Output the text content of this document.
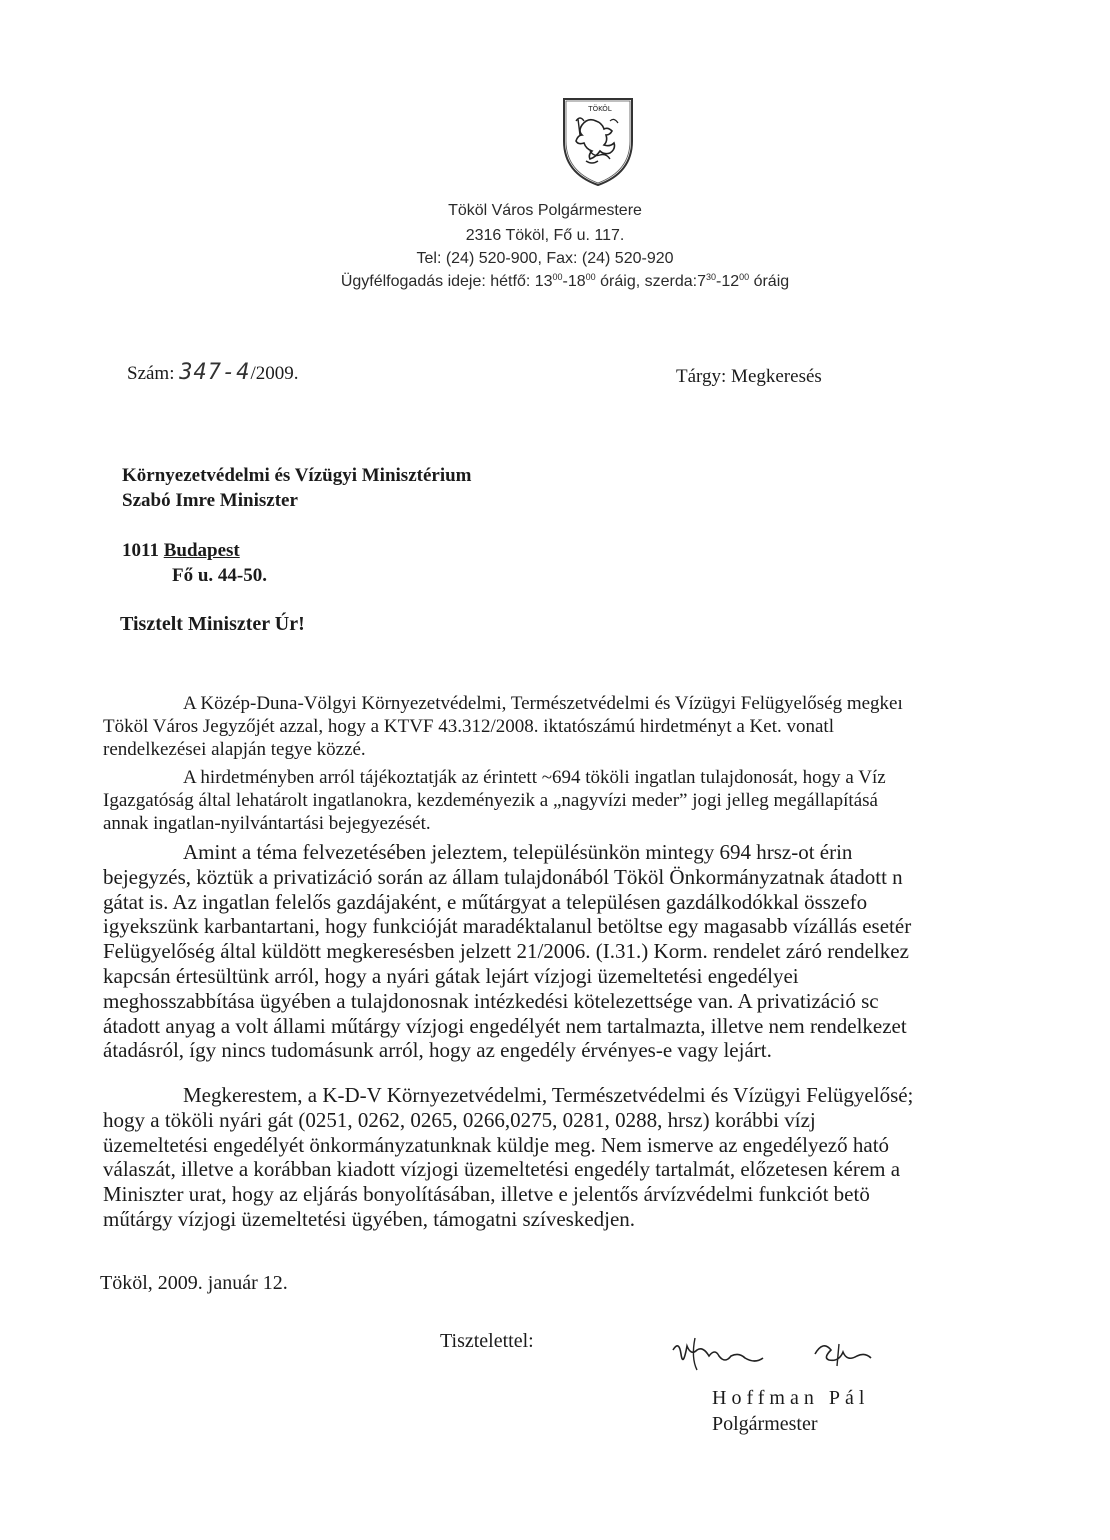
TÖKÖL
Tököl Város Polgármestere
2316 Tököl, Fő u. 117.
Tel: (24) 520-900, Fax: (24) 520-920
Ügyfélfogadás ideje: hétfő: $13^{00}-18^{00}$ óráig, $szerda:7^{30}-12^{00}$ óráig
Szám: 347-4/2009.	Tárgy: Megkeresés
Környezetvédelmi és Vízügyi Minisztérium
Szabó Imre Miniszter
1011 Budapest
Fő u. 44-50.
Tisztelt Miniszter Úr!
A Közép-Duna-Völgyi Környezetvédelmi, Természetvédelmi és Vízügyi Felügyelőség megkeı
Tököl Város Jegyzőjét azzal, hogy a KTVF 43.312/2008. iktatószámú hirdetményt a Ket. vonatl
rendelkezései alapján tegye közzé.
A hirdetményben arról tájékoztatják az érintett ~694 tököli ingatlan tulajdonosát, hogy a Víz
Igazgatóság által lehatárolt ingatlanokra, kezdeményezik a „nagyvízi meder” jogi jelleg megállapításá
annak ingatlan-nyilvántartási bejegyezését.
Amint a téma felvezetésében jeleztem, településünkön mintegy 694 hrsz-ot érin
bejegyzés, köztük a privatizáció során az állam tulajdonából Tököl Önkormányzatnak átadott n
gátat is. Az ingatlan felelős gazdájaként, e műtárgyat a településen gazdálkodókkal összefo
igyekszünk karbantartani, hogy funkcióját maradéktalanul betöltse egy magasabb vízállás esetér
Felügyelőség által küldött megkeresésben jelzett 21/2006. (I.31.) Korm. rendelet záró rendelkez
kapcsán értesültünk arról, hogy a nyári gátak lejárt vízjogi üzemeltetési engedélyei
meghosszabbítása ügyében a tulajdonosnak intézkedési kötelezettsége van. A privatizáció sc
átadott anyag a volt állami műtárgy vízjogi engedélyét nem tartalmazta, illetve nem rendelkezet
átadásról, így nincs tudomásunk arról, hogy az engedély érvényes-e vagy lejárt.
Megkerestem, a K-D-V Környezetvédelmi, Természetvédelmi és Vízügyi Felügyelősé;
hogy a tököli nyári gát (0251, 0262, 0265, 0266,0275, 0281, 0288, hrsz) korábbi vízj
üzemeltetési engedélyét önkormányzatunknak küldje meg. Nem ismerve az engedélyező ható
válaszát, illetve a korábban kiadott vízjogi üzemeltetési engedély tartalmát, előzetesen kérem a
Miniszter urat, hogy az eljárás bonyolításában, illetve e jelentős árvízvédelmi funkciót betö
műtárgy vízjogi üzemeltetési ügyében, támogatni szíveskedjen.
Tököl, 2009. január 12.
Tisztelettel:
Hoffman Pál
Polgármester
